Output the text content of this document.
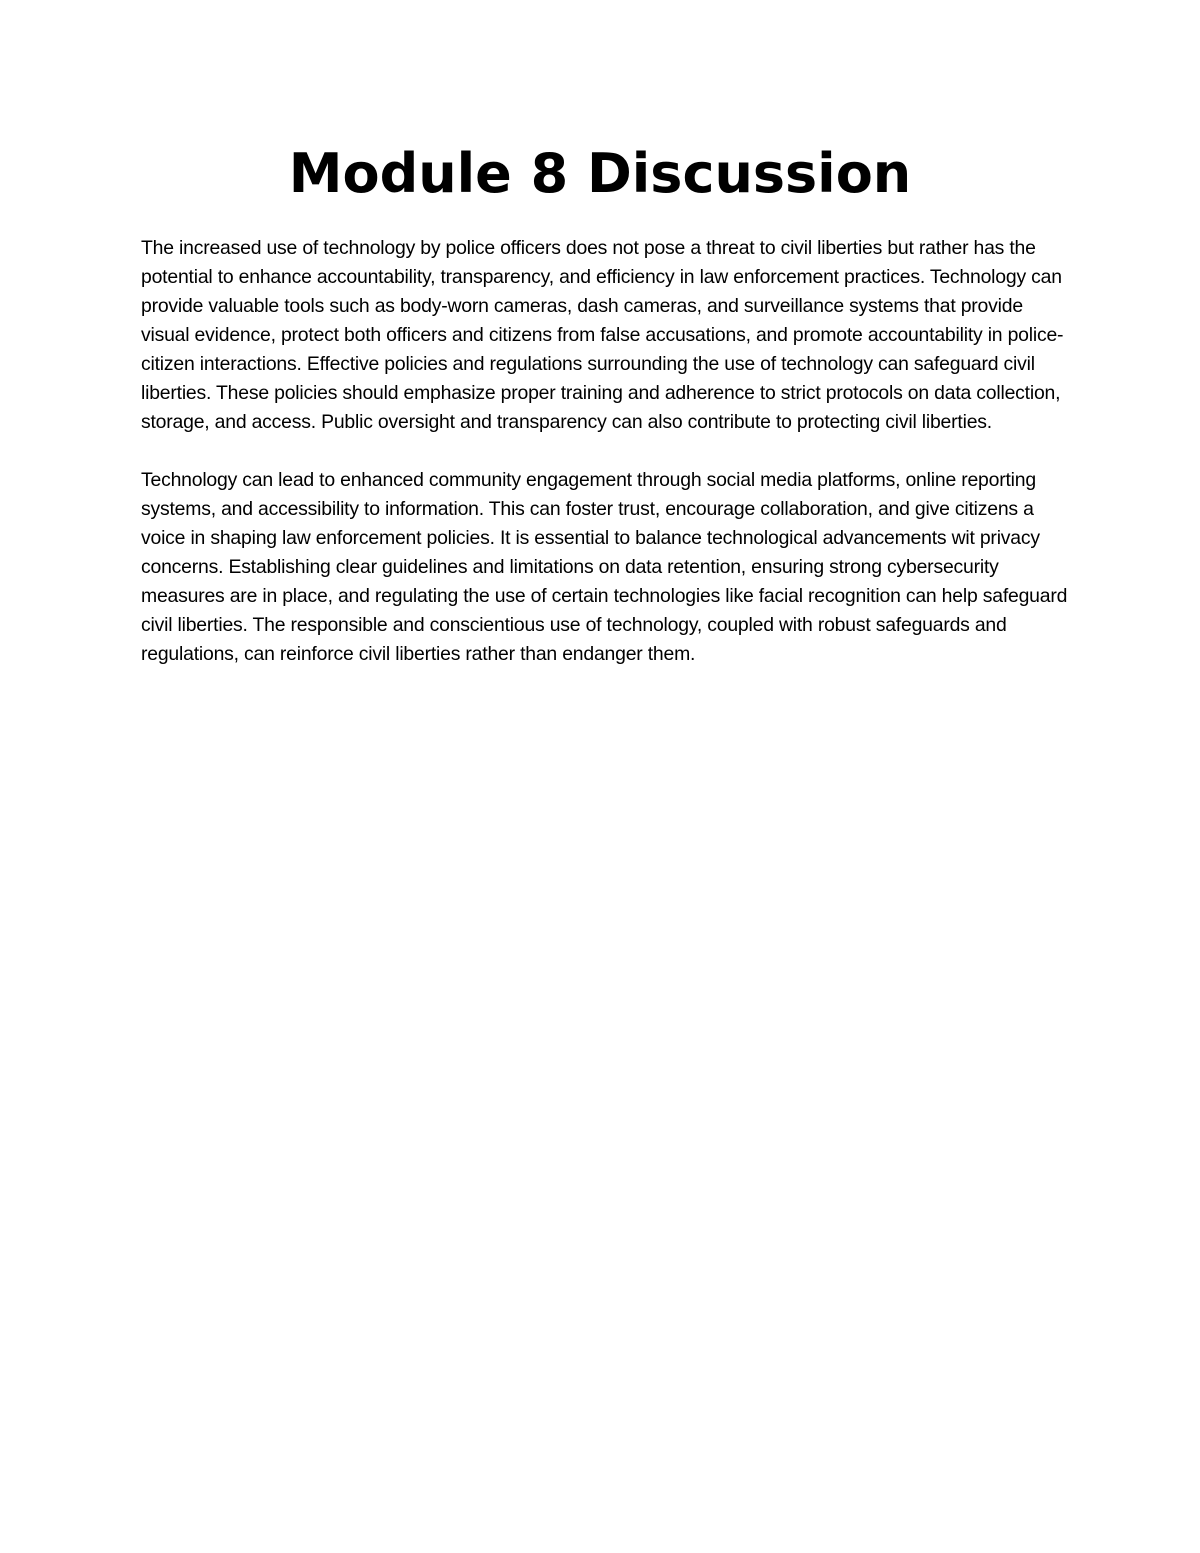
Module 8 Discussion

The increased use of technology by police officers does not pose a threat to civil liberties but rather has the potential to enhance accountability, transparency, and efficiency in law enforcement practices. Technology can provide valuable tools such as body-worn cameras, dash cameras, and surveillance systems that provide visual evidence, protect both officers and citizens from false accusations, and promote accountability in police-citizen interactions. Effective policies and regulations surrounding the use of technology can safeguard civil liberties. These policies should emphasize proper training and adherence to strict protocols on data collection, storage, and access. Public oversight and transparency can also contribute to protecting civil liberties.

Technology can lead to enhanced community engagement through social media platforms, online reporting systems, and accessibility to information. This can foster trust, encourage collaboration, and give citizens a voice in shaping law enforcement policies. It is essential to balance technological advancements wit privacy concerns. Establishing clear guidelines and limitations on data retention, ensuring strong cybersecurity measures are in place, and regulating the use of certain technologies like facial recognition can help safeguard civil liberties. The responsible and conscientious use of technology, coupled with robust safeguards and regulations, can reinforce civil liberties rather than endanger them.
